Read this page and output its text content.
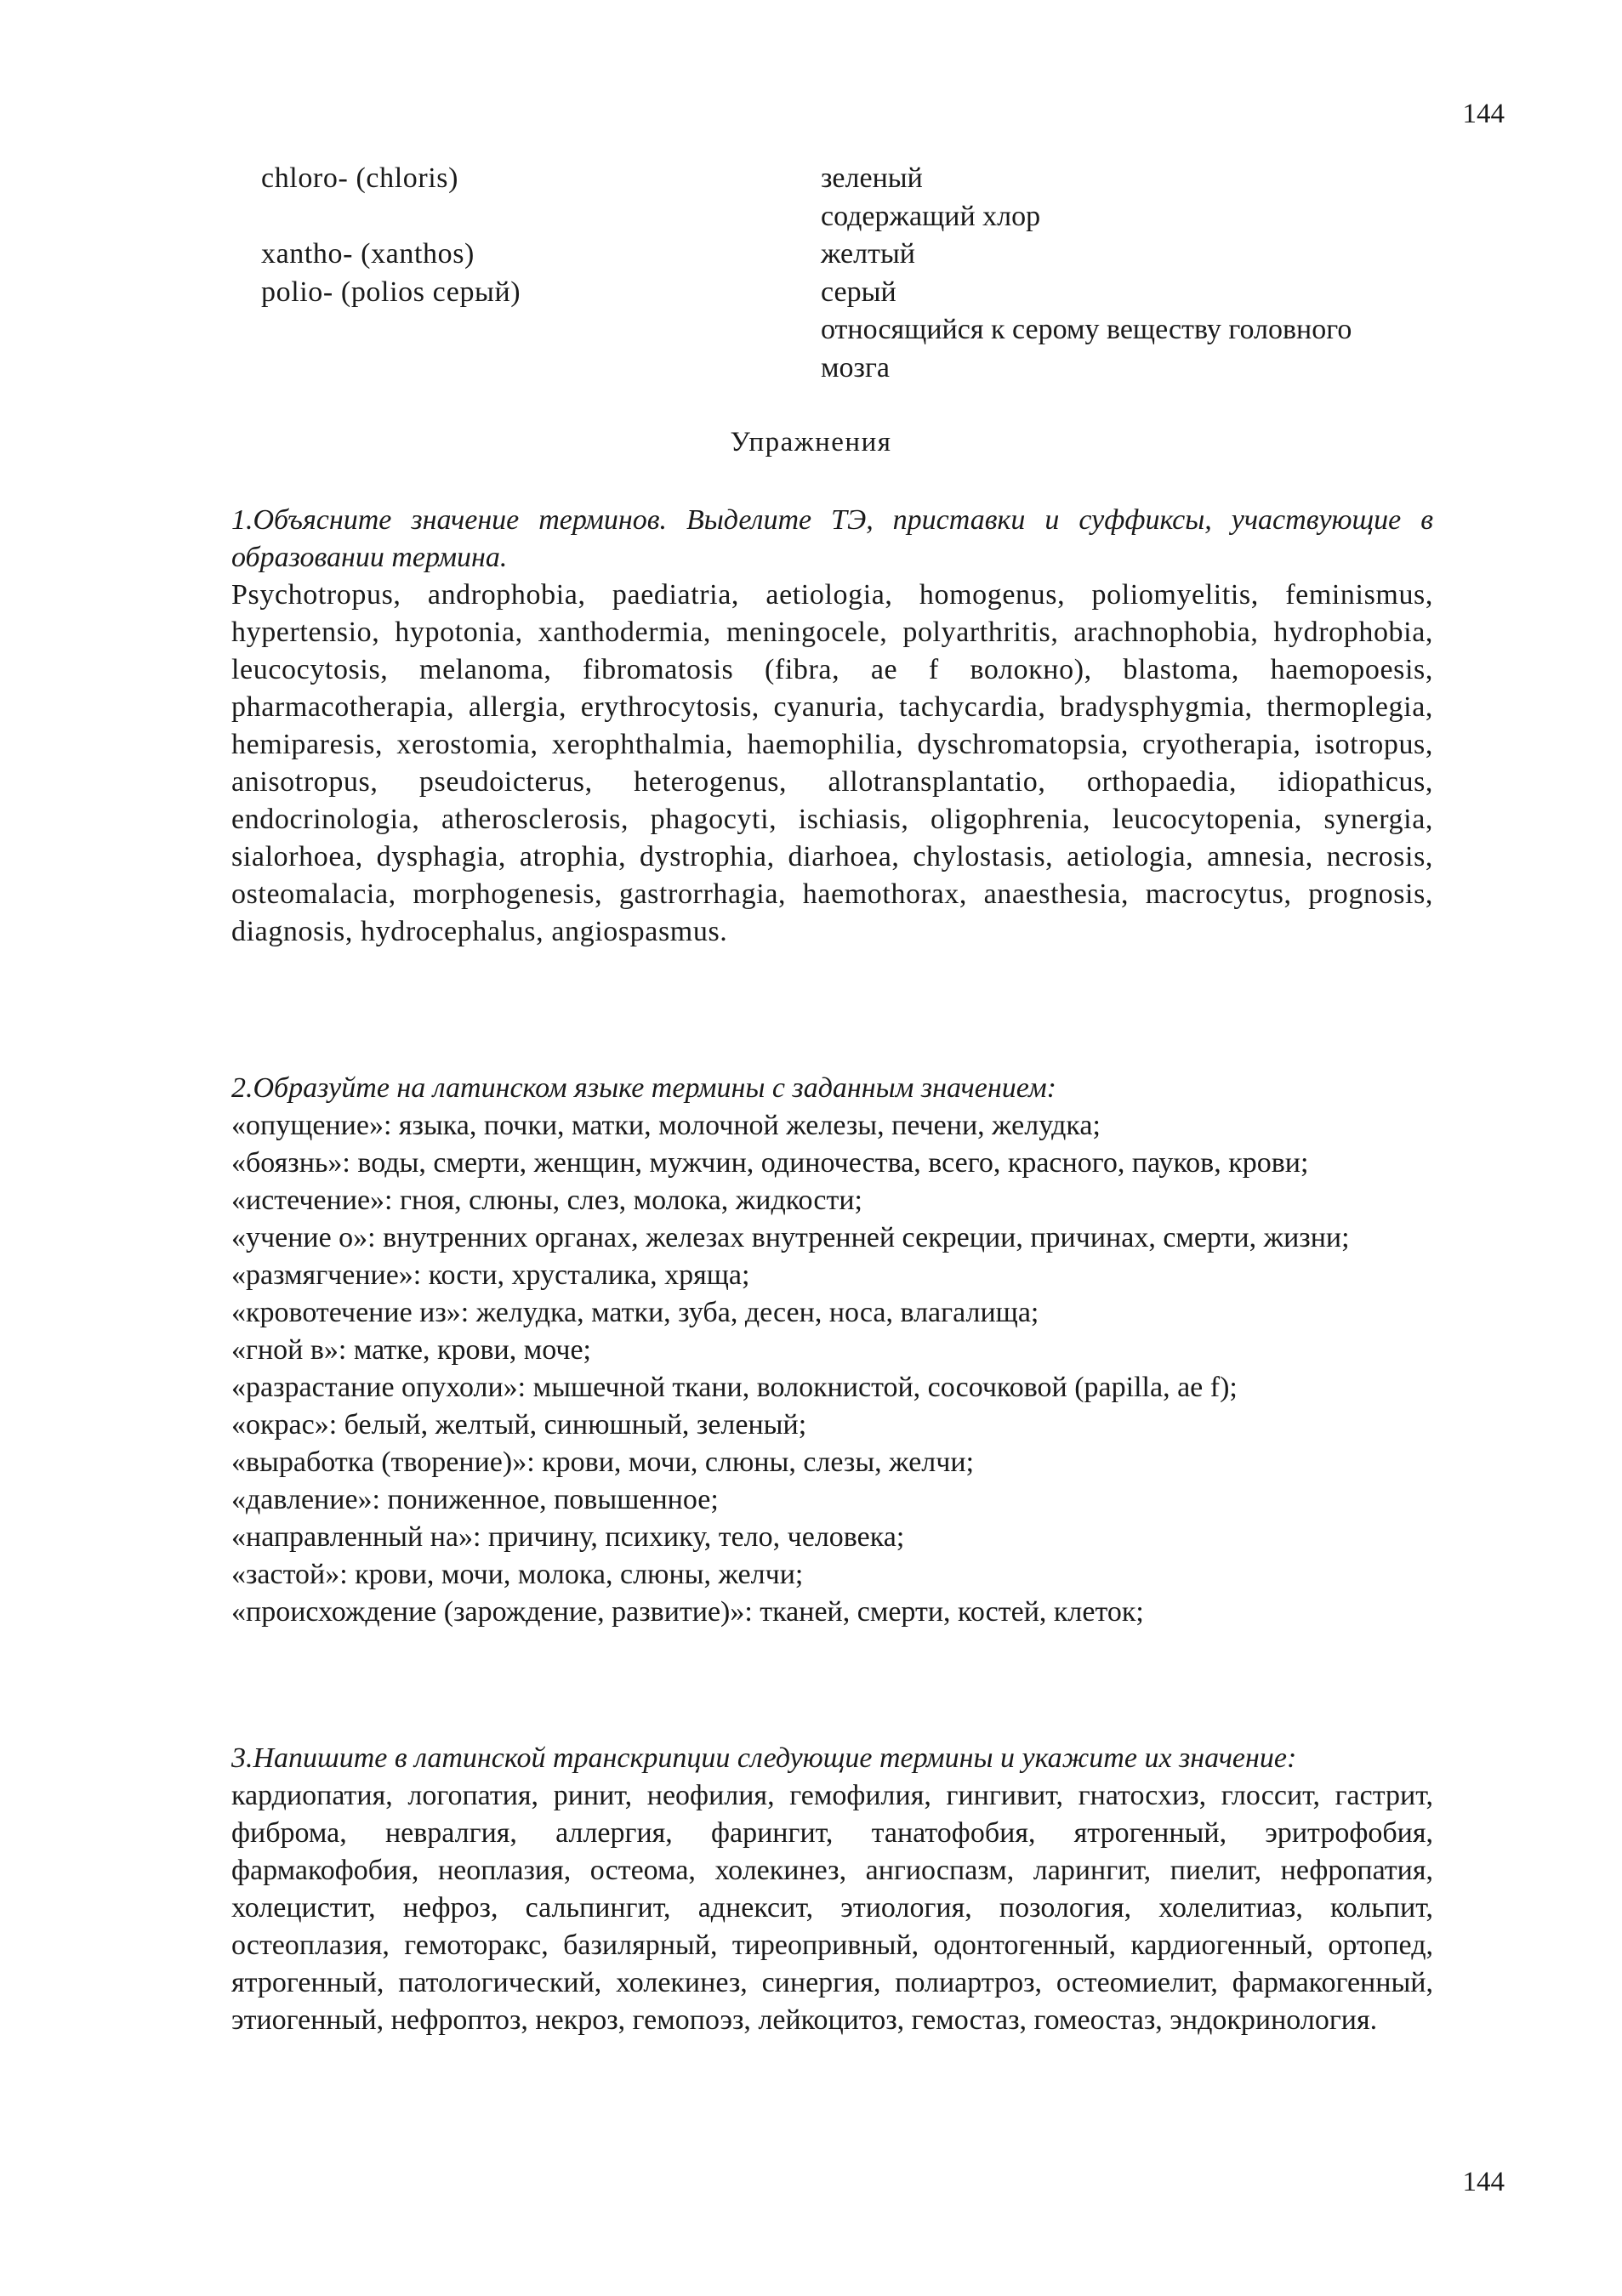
144
chloro- (chloris)	зеленый
содержащий хлор
xantho- (xanthos)	желтый
polio- (polios серый)	серый
относящийся к серому веществу головного
мозга
Упражнения
1.Объясните значение терминов. Выделите ТЭ, приставки и суффиксы, участвующие в образовании термина.
Psychotropus, androphobia, paediatria, aetiologia, homogenus, poliomyelitis, feminismus, hypertensio, hypotonia, xanthodermia, meningocele, polyarthritis, arachnophobia, hydrophobia, leucocytosis, melanoma, fibromatosis (fibra, ae f волокно), blastoma, haemopoesis, pharmacotherapia, allergia, erythrocytosis, cyanuria, tachycardia, bradysphygmia, thermoplegia, hemiparesis, xerostomia, xerophthalmia, haemophilia, dyschromatopsia, cryotherapia, isotropus, anisotropus, pseudoicterus, heterogenus, allotransplantatio, orthopaedia, idiopathicus, endocrinologia, atherosclerosis, phagocyti, ischiasis, oligophrenia, leucocytopenia, synergia, sialorhoea, dysphagia, atrophia, dystrophia, diarhoea, chylostasis, aetiologia, amnesia, necrosis, osteomalacia, morphogenesis, gastrorrhagia, haemothorax, anaesthesia, macrocytus, prognosis, diagnosis, hydrocephalus, angiospasmus.
2.Образуйте на латинском языке термины с заданным значением:
«опущение»: языка, почки, матки, молочной железы, печени, желудка;
«боязнь»: воды, смерти, женщин, мужчин, одиночества, всего, красного, пауков, крови;
«истечение»: гноя, слюны, слез, молока, жидкости;
«учение о»: внутренних органах, железах внутренней секреции, причинах, смерти, жизни;
«размягчение»: кости, хрусталика, хряща;
«кровотечение из»: желудка, матки, зуба, десен, носа, влагалища;
«гной в»: матке, крови, моче;
«разрастание опухоли»: мышечной ткани, волокнистой, сосочковой (papilla, ae f);
«окрас»: белый, желтый, синюшный, зеленый;
«выработка (творение)»: крови, мочи, слюны, слезы, желчи;
«давление»: пониженное, повышенное;
«направленный на»: причину, психику, тело, человека;
«застой»: крови, мочи, молока, слюны, желчи;
«происхождение (зарождение, развитие)»: тканей, смерти, костей, клеток;
3.Напишите в латинской транскрипции следующие термины и укажите их значение:
кардиопатия, логопатия, ринит, неофилия, гемофилия, гингивит, гнатосхиз, глоссит, гастрит, фиброма, невралгия, аллергия, фарингит, танатофобия, ятрогенный, эритрофобия, фармакофобия, неоплазия, остеома, холекинез, ангиоспазм, ларингит, пиелит, нефропатия, холецистит, нефроз, сальпингит, аднексит, этиология, позология, холелитиаз, кольпит, остеоплазия, гемоторакс, базилярный, тиреопривный, одонтогенный, кардиогенный, ортопед, ятрогенный, патологический, холекинез, синергия, полиартроз, остеомиелит, фармакогенный, этиогенный, нефроптоз, некроз, гемопоэз, лейкоцитоз, гемостаз, гомеостаз, эндокринология.
144
